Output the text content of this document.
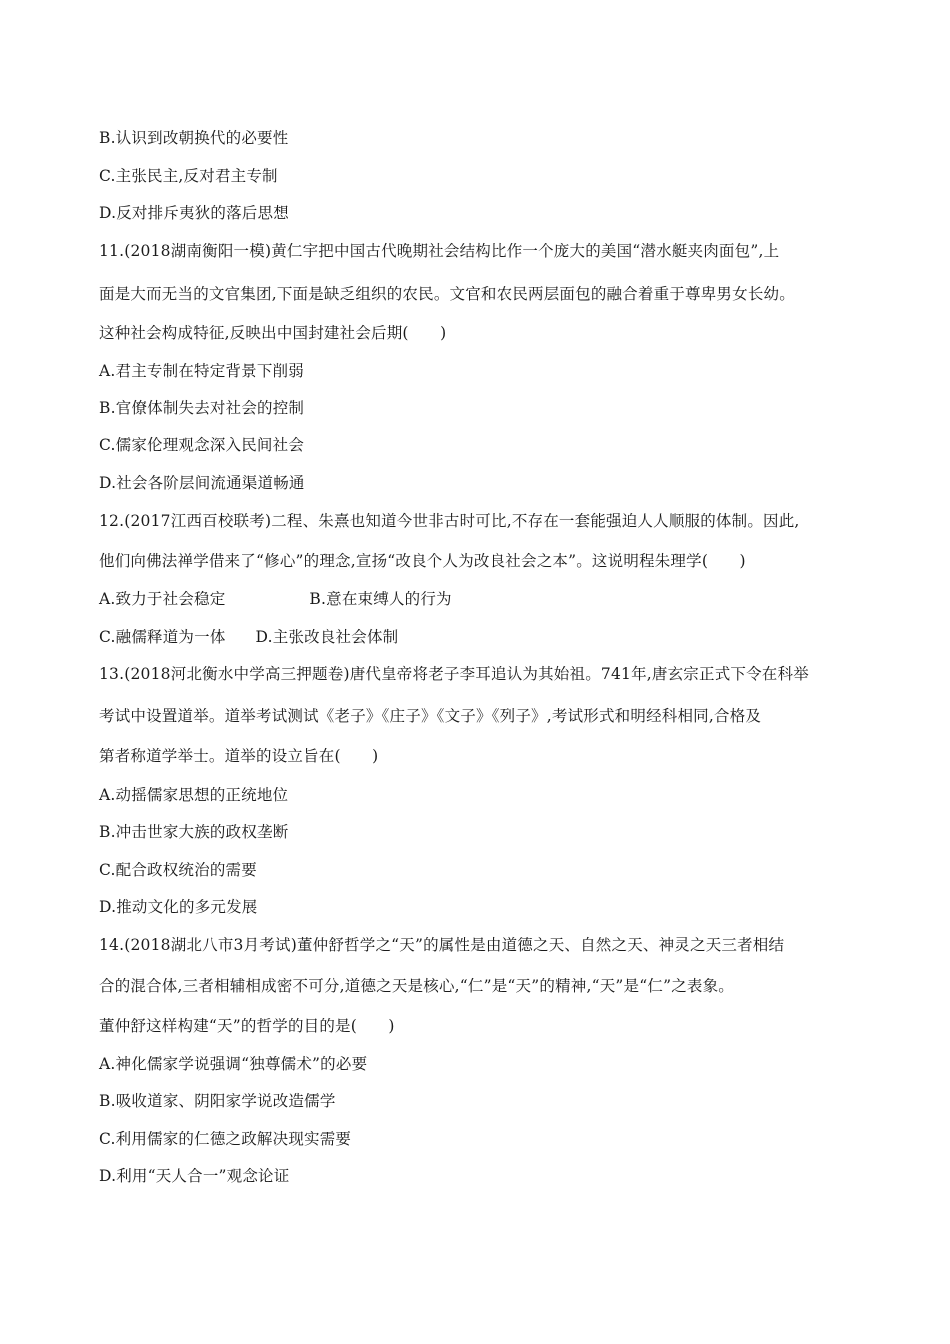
B.认识到改朝换代的必要性
C.主张民主,反对君主专制
D.反对排斥夷狄的落后思想
11.(2018湖南衡阳一模)黄仁宇把中国古代晚期社会结构比作一个庞大的美国“潜水艇夹肉面包”,上
面是大而无当的文官集团,下面是缺乏组织的农民。文官和农民两层面包的融合着重于尊卑男女长幼。
这种社会构成特征,反映出中国封建社会后期(　　)
A.君主专制在特定背景下削弱
B.官僚体制失去对社会的控制
C.儒家伦理观念深入民间社会
D.社会各阶层间流通渠道畅通
12.(2017江西百校联考)二程、朱熹也知道今世非古时可比,不存在一套能强迫人人顺服的体制。因此,
他们向佛法禅学借来了“修心”的理念,宣扬“改良个人为改良社会之本”。这说明程朱理学(　　)
A.致力于社会稳定	B.意在束缚人的行为
C.融儒释道为一体 D.主张改良社会体制
13.(2018河北衡水中学高三押题卷)唐代皇帝将老子李耳追认为其始祖。741年,唐玄宗正式下令在科举
考试中设置道举。道举考试测试《老子》《庄子》《文子》《列子》,考试形式和明经科相同,合格及
第者称道学举士。道举的设立旨在(　　)
A.动摇儒家思想的正统地位
B.冲击世家大族的政权垄断
C.配合政权统治的需要
D.推动文化的多元发展
14.(2018湖北八市3月考试)董仲舒哲学之“天”的属性是由道德之天、自然之天、神灵之天三者相结
合的混合体,三者相辅相成密不可分,道德之天是核心,“仁”是“天”的精神,“天”是“仁”之表象。
董仲舒这样构建“天”的哲学的目的是(　　)
A.神化儒家学说强调“独尊儒术”的必要
B.吸收道家、阴阳家学说改造儒学
C.利用儒家的仁德之政解决现实需要
D.利用“天人合一”观念论证
